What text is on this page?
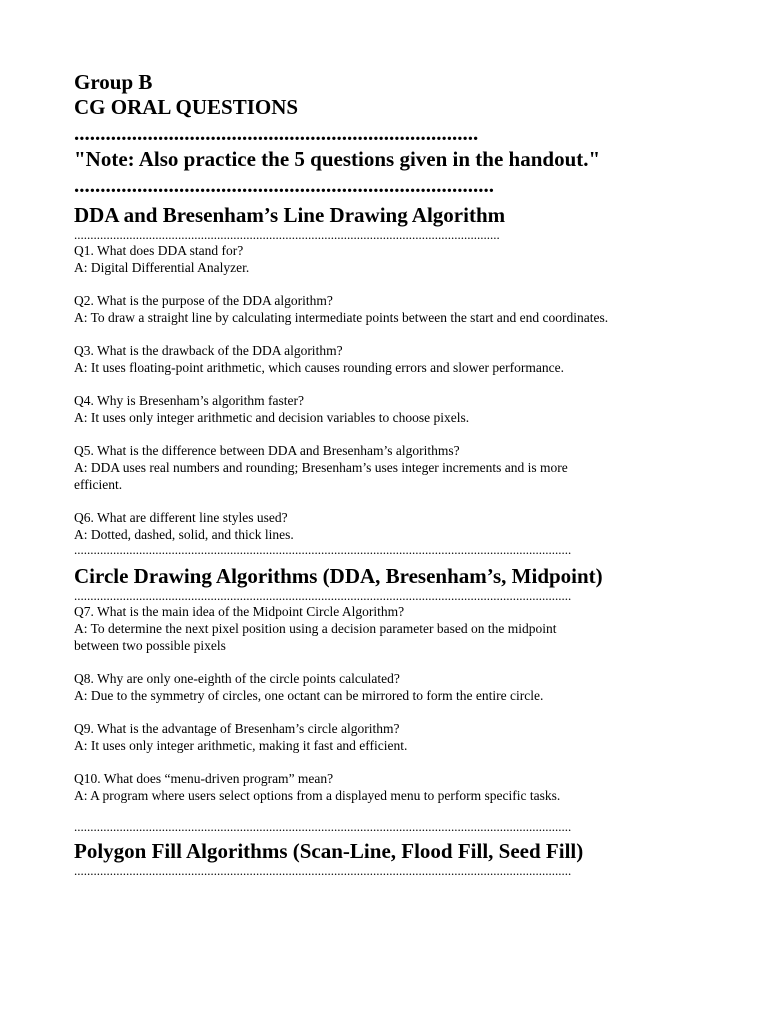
Group B
CG ORAL QUESTIONS
.............................................................................
"Note: Also practice the 5 questions given in the handout."
................................................................................
DDA and Bresenham’s Line Drawing Algorithm
...................................................................................................................................

Q1. What does DDA stand for?

A: Digital Differential Analyzer.

Q2. What is the purpose of the DDA algorithm?

A: To draw a straight line by calculating intermediate points between the start and end coordinates.

Q3. What is the drawback of the DDA algorithm?

A: It uses floating-point arithmetic, which causes rounding errors and slower performance.

Q4. Why is Bresenham’s algorithm faster?

A: It uses only integer arithmetic and decision variables to choose pixels.

Q5. What is the difference between DDA and Bresenham’s algorithms?

A: DDA uses real numbers and rounding; Bresenham’s uses integer increments and is more efficient.

Q6. What are different line styles used?

A: Dotted, dashed, solid, and thick lines.

.........................................................................................................................................................
Circle Drawing Algorithms (DDA, Bresenham’s, Midpoint)
.........................................................................................................................................................

Q7. What is the main idea of the Midpoint Circle Algorithm?

A: To determine the next pixel position using a decision parameter based on the midpoint between two possible pixels

Q8. Why are only one-eighth of the circle points calculated?

A: Due to the symmetry of circles, one octant can be mirrored to form the entire circle.

Q9. What is the advantage of Bresenham’s circle algorithm?

A: It uses only integer arithmetic, making it fast and efficient.

Q10. What does “menu-driven program” mean?

A: A program where users select options from a displayed menu to perform specific tasks.

.........................................................................................................................................................
Polygon Fill Algorithms (Scan-Line, Flood Fill, Seed Fill)
.........................................................................................................................................................
